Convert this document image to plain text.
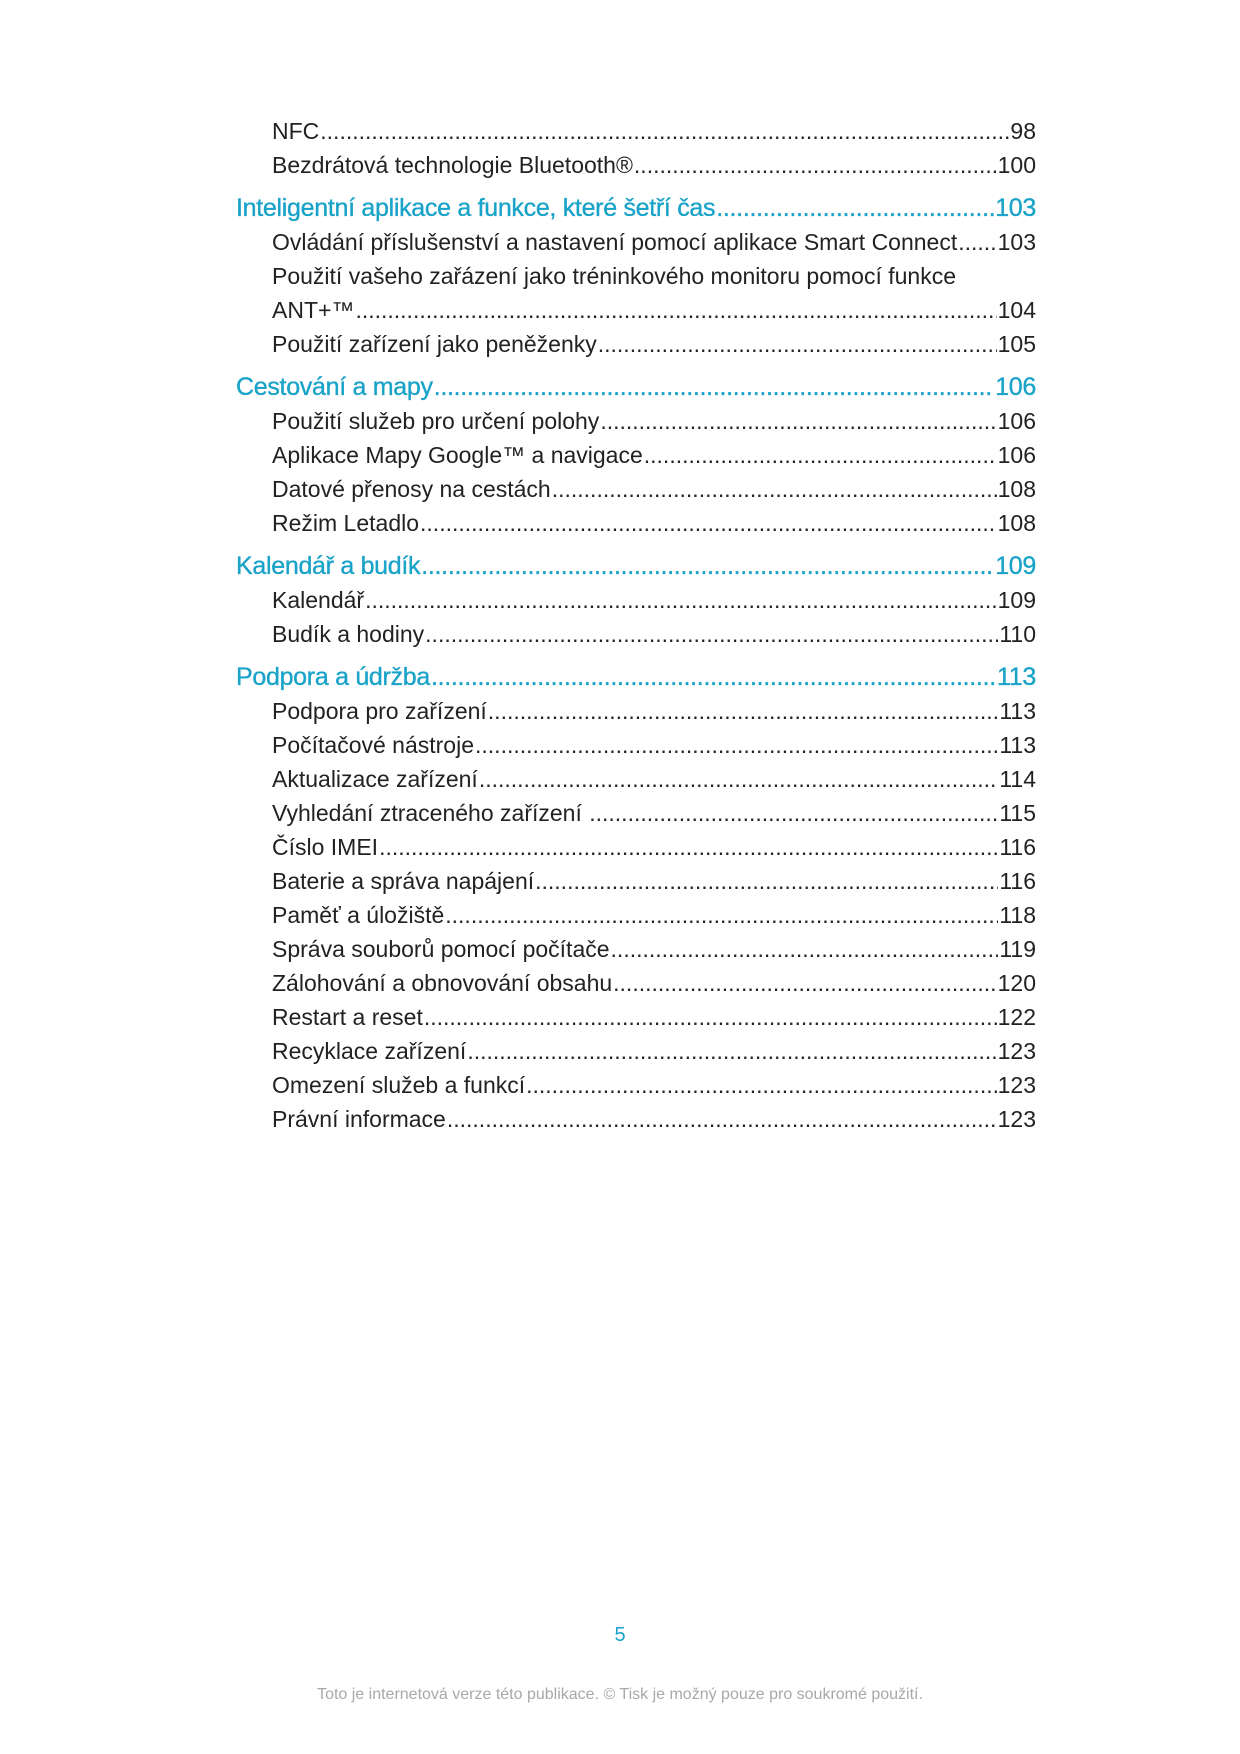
NFC .....	98
Bezdrátová technologie Bluetooth® .....	100
Inteligentní aplikace a funkce, které šetří čas .....	103
Ovládání příslušenství a nastavení pomocí aplikace Smart Connect ..... 103
Použití vašeho zařázení jako tréninkového monitoru pomocí funkce
ANT+™ .....	104
Použití zařízení jako peněženky .....	105
Cestování a mapy .....	106
Použití služeb pro určení polohy .....	106
Aplikace Mapy Google™ a navigace .....	106
Datové přenosy na cestách .....	108
Režim Letadlo .....	108
Kalendář a budík .....	109
Kalendář .....	109
Budík a hodiny .....	110
Podpora a údržba .....	113
Podpora pro zařízení .....	113
Počítačové nástroje .....	113
Aktualizace zařízení .....	114
Vyhledání ztraceného zařízení .....	115
Číslo IMEI .....	116
Baterie a správa napájení .....	116
Paměť a úložiště .....	118
Správa souborů pomocí počítače .....	119
Zálohování a obnovování obsahu .....	120
Restart a reset .....	122
Recyklace zařízení .....	123
Omezení služeb a funkcí .....	123
Právní informace .....	123
5
Toto je internetová verze této publikace. © Tisk je možný pouze pro soukromé použití.
